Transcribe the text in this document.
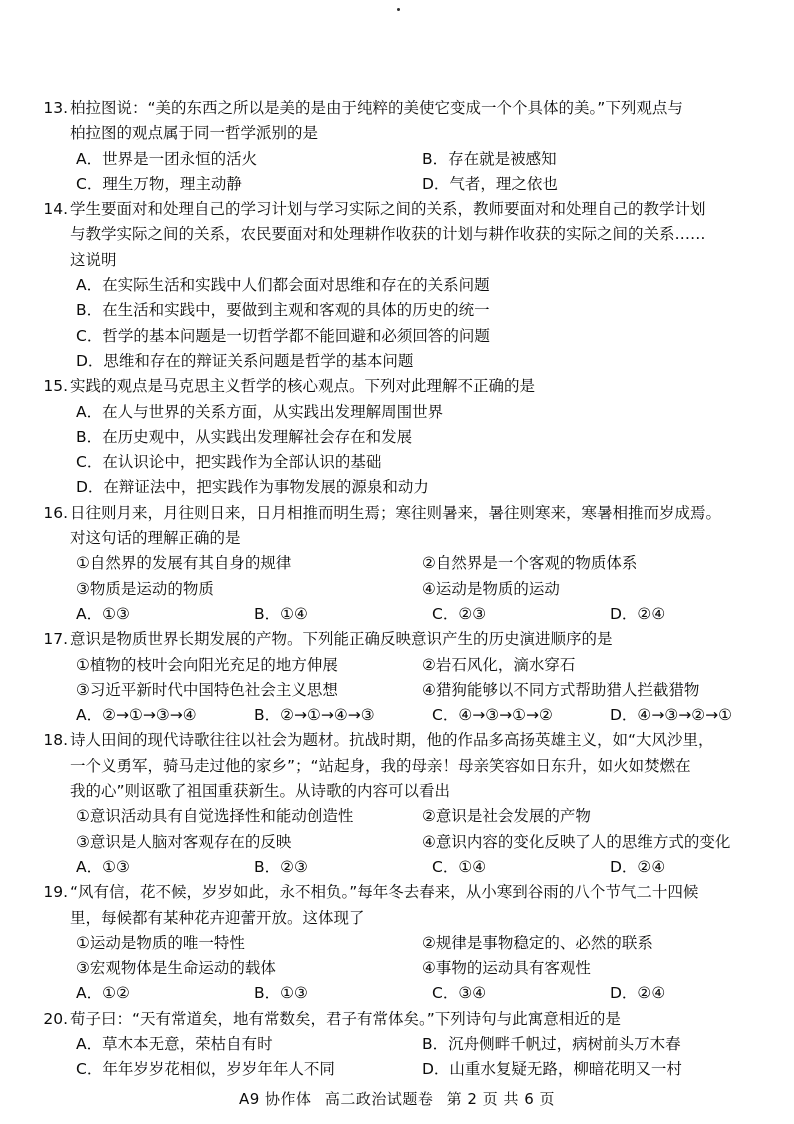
13. 柏拉图说：“美的东西之所以是美的是由于纯粹的美使它变成一个个具体的美。”下列观点与
柏拉图的观点属于同一哲学派别的是
A．世界是一团永恒的活火	B．存在就是被感知
C．理生万物，理主动静	D．气者，理之依也
14. 学生要面对和处理自己的学习计划与学习实际之间的关系，教师要面对和处理自己的教学计划
与教学实际之间的关系，农民要面对和处理耕作收获的计划与耕作收获的实际之间的关系……
这说明
A．在实际生活和实践中人们都会面对思维和存在的关系问题
B．在生活和实践中，要做到主观和客观的具体的历史的统一
C．哲学的基本问题是一切哲学都不能回避和必须回答的问题
D．思维和存在的辩证关系问题是哲学的基本问题
15. 实践的观点是马克思主义哲学的核心观点。下列对此理解不正确的是
A．在人与世界的关系方面，从实践出发理解周围世界
B．在历史观中，从实践出发理解社会存在和发展
C．在认识论中，把实践作为全部认识的基础
D．在辩证法中，把实践作为事物发展的源泉和动力
16. 日往则月来，月往则日来，日月相推而明生焉；寒往则暑来，暑往则寒来，寒暑相推而岁成焉。
对这句话的理解正确的是
①自然界的发展有其自身的规律	②自然界是一个客观的物质体系
③物质是运动的物质	④运动是物质的运动
A．①③	B．①④	C．②③	D．②④
17. 意识是物质世界长期发展的产物。下列能正确反映意识产生的历史演进顺序的是
①植物的枝叶会向阳光充足的地方伸展	②岩石风化，滴水穿石
③习近平新时代中国特色社会主义思想	④猎狗能够以不同方式帮助猎人拦截猎物
A．②→①→③→④	B．②→①→④→③	C．④→③→①→②	D．④→③→②→①
18. 诗人田间的现代诗歌往往以社会为题材。抗战时期，他的作品多高扬英雄主义，如“大风沙里，
一个义勇军，骑马走过他的家乡”；“站起身，我的母亲！母亲笑容如日东升，如火如焚燃在
我的心”则讴歌了祖国重获新生。从诗歌的内容可以看出
①意识活动具有自觉选择性和能动创造性	②意识是社会发展的产物
③意识是人脑对客观存在的反映	④意识内容的变化反映了人的思维方式的变化
A．①③	B．②③	C．①④	D．②④
19. “风有信，花不候，岁岁如此，永不相负。”每年冬去春来，从小寒到谷雨的八个节气二十四候
里，每候都有某种花卉迎蕾开放。这体现了
①运动是物质的唯一特性	②规律是事物稳定的、必然的联系
③宏观物体是生命运动的载体	④事物的运动具有客观性
A．①②	B．①③	C．③④	D．②④
20. 荀子曰：“天有常道矣，地有常数矣，君子有常体矣。”下列诗句与此寓意相近的是
A．草木本无意，荣枯自有时	B．沉舟侧畔千帆过，病树前头万木春
C．年年岁岁花相似，岁岁年年人不同	D．山重水复疑无路，柳暗花明又一村
A9 协作体 高二政治试题卷 第 2 页 共 6 页
